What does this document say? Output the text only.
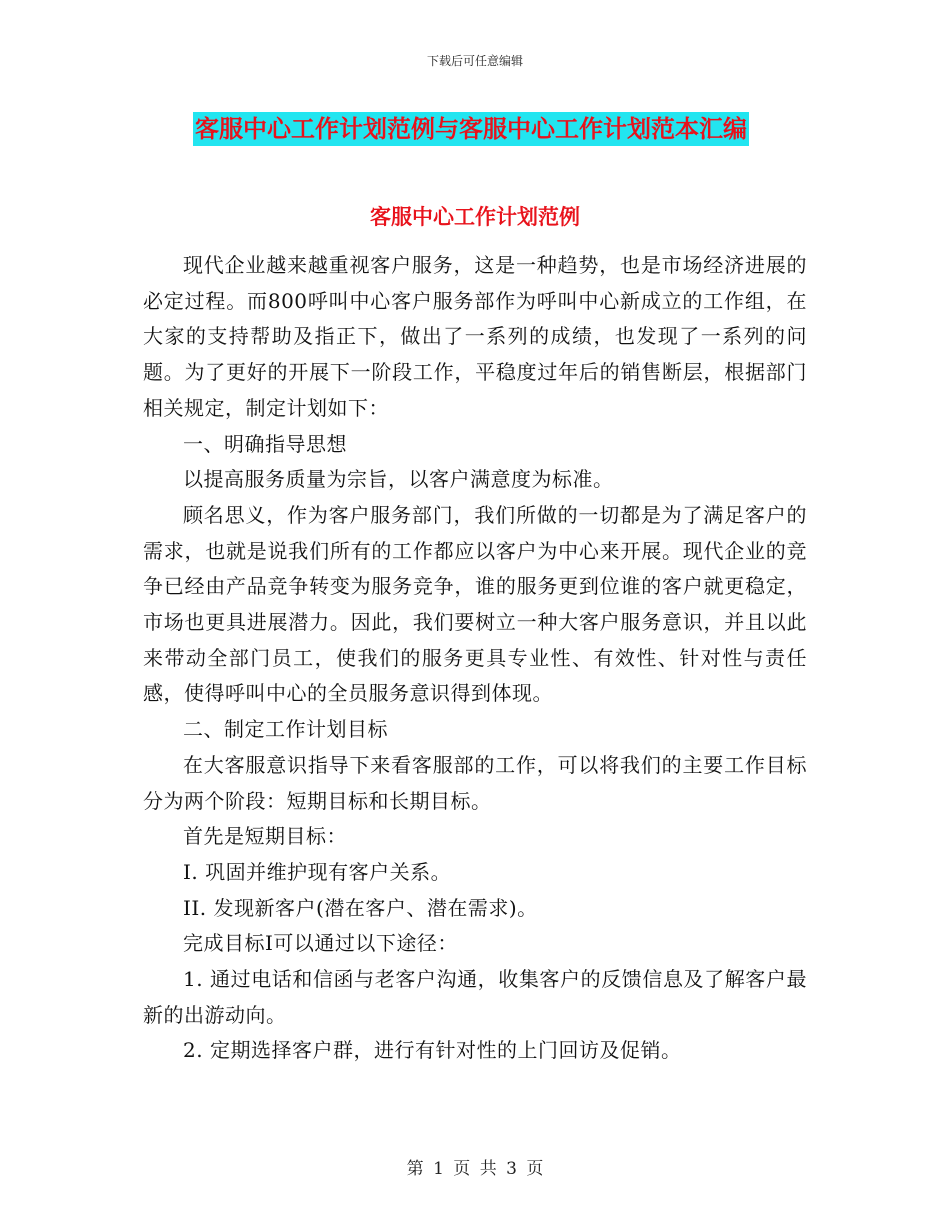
下载后可任意编辑
客服中心工作计划范例与客服中心工作计划范本汇编
客服中心工作计划范例

现代企业越来越重视客户服务，这是一种趋势，也是市场经济进展的必定过程。而800呼叫中心客户服务部作为呼叫中心新成立的工作组，在大家的支持帮助及指正下，做出了一系列的成绩，也发现了一系列的问题。为了更好的开展下一阶段工作，平稳度过年后的销售断层，根据部门相关规定，制定计划如下：

一、明确指导思想

以提高服务质量为宗旨，以客户满意度为标准。

顾名思义，作为客户服务部门，我们所做的一切都是为了满足客户的需求，也就是说我们所有的工作都应以客户为中心来开展。现代企业的竞争已经由产品竞争转变为服务竞争，谁的服务更到位谁的客户就更稳定，市场也更具进展潜力。因此，我们要树立一种大客户服务意识，并且以此来带动全部门员工，使我们的服务更具专业性、有效性、针对性与责任感，使得呼叫中心的全员服务意识得到体现。

二、制定工作计划目标

在大客服意识指导下来看客服部的工作，可以将我们的主要工作目标分为两个阶段：短期目标和长期目标。

首先是短期目标：

I. 巩固并维护现有客户关系。

II. 发现新客户(潜在客户、潜在需求)。

完成目标I可以通过以下途径：

1. 通过电话和信函与老客户沟通，收集客户的反馈信息及了解客户最新的出游动向。

2. 定期选择客户群，进行有针对性的上门回访及促销。

第 1 页 共 3 页
